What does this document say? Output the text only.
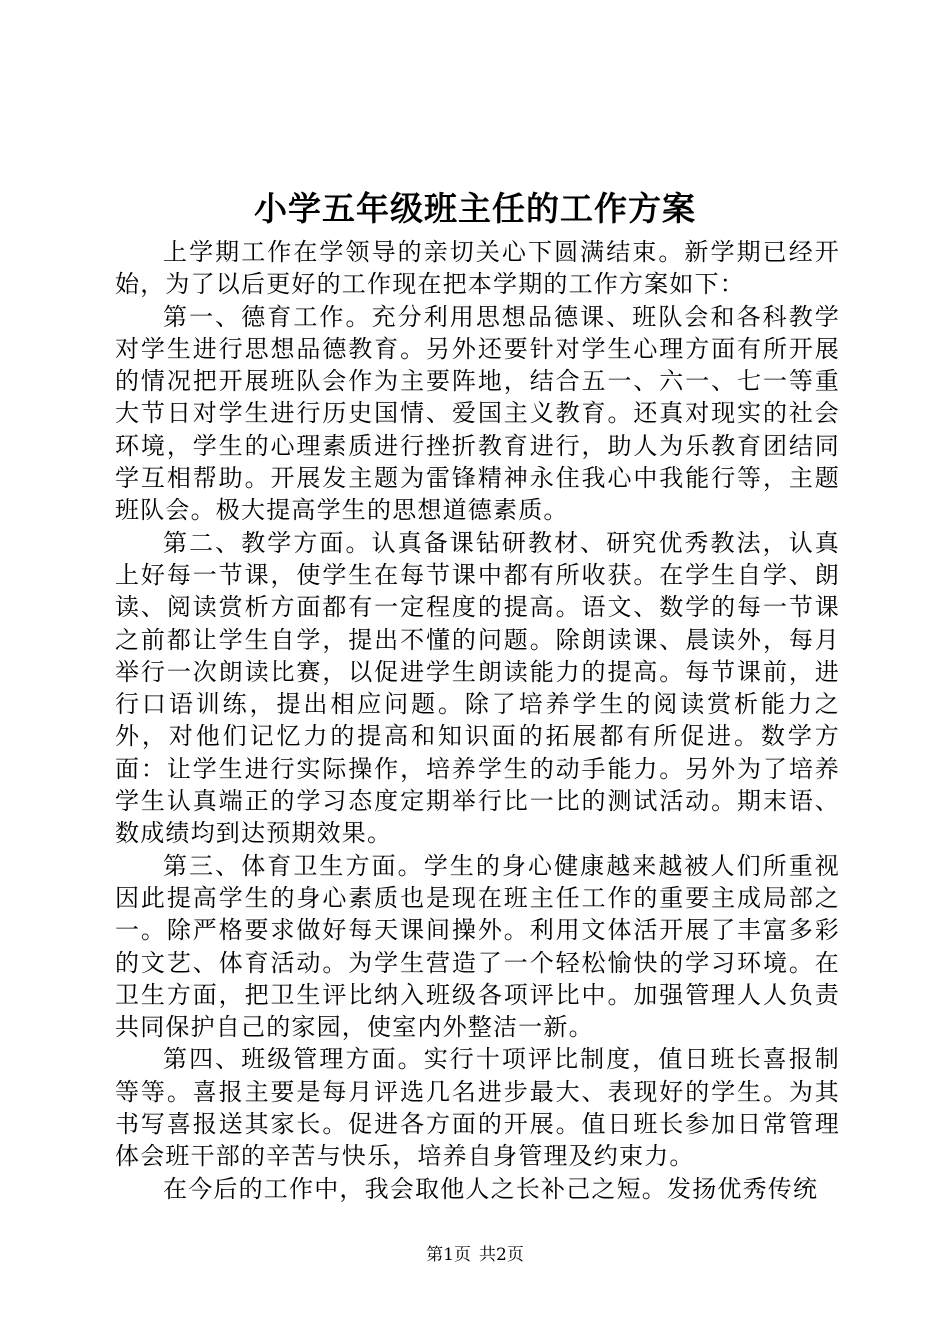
小学五年级班主任的工作方案

上学期工作在学领导的亲切关心下圆满结束。新学期已经开始，为了以后更好的工作现在把本学期的工作方案如下：

第一、德育工作。充分利用思想品德课、班队会和各科教学对学生进行思想品德教育。另外还要针对学生心理方面有所开展的情况把开展班队会作为主要阵地，结合五一、六一、七一等重大节日对学生进行历史国情、爱国主义教育。还真对现实的社会环境，学生的心理素质进行挫折教育进行，助人为乐教育团结同学互相帮助。开展发主题为雷锋精神永住我心中我能行等，主题班队会。极大提高学生的思想道德素质。

第二、教学方面。认真备课钻研教材、研究优秀教法，认真上好每一节课，使学生在每节课中都有所收获。在学生自学、朗读、阅读赏析方面都有一定程度的提高。语文、数学的每一节课之前都让学生自学，提出不懂的问题。除朗读课、晨读外，每月举行一次朗读比赛，以促进学生朗读能力的提高。每节课前，进行口语训练，提出相应问题。除了培养学生的阅读赏析能力之外，对他们记忆力的提高和知识面的拓展都有所促进。数学方面：让学生进行实际操作，培养学生的动手能力。另外为了培养学生认真端正的学习态度定期举行比一比的测试活动。期末语、数成绩均到达预期效果。

第三、体育卫生方面。学生的身心健康越来越被人们所重视因此提高学生的身心素质也是现在班主任工作的重要主成局部之一。除严格要求做好每天课间操外。利用文体活开展了丰富多彩的文艺、体育活动。为学生营造了一个轻松愉快的学习环境。在卫生方面，把卫生评比纳入班级各项评比中。加强管理人人负责共同保护自己的家园，使室内外整洁一新。

第四、班级管理方面。实行十项评比制度，值日班长喜报制等等。喜报主要是每月评选几名进步最大、表现好的学生。为其书写喜报送其家长。促进各方面的开展。值日班长参加日常管理体会班干部的辛苦与快乐，培养自身管理及约束力。

在今后的工作中，我会取他人之长补己之短。发扬优秀传统

第1页 共2页
